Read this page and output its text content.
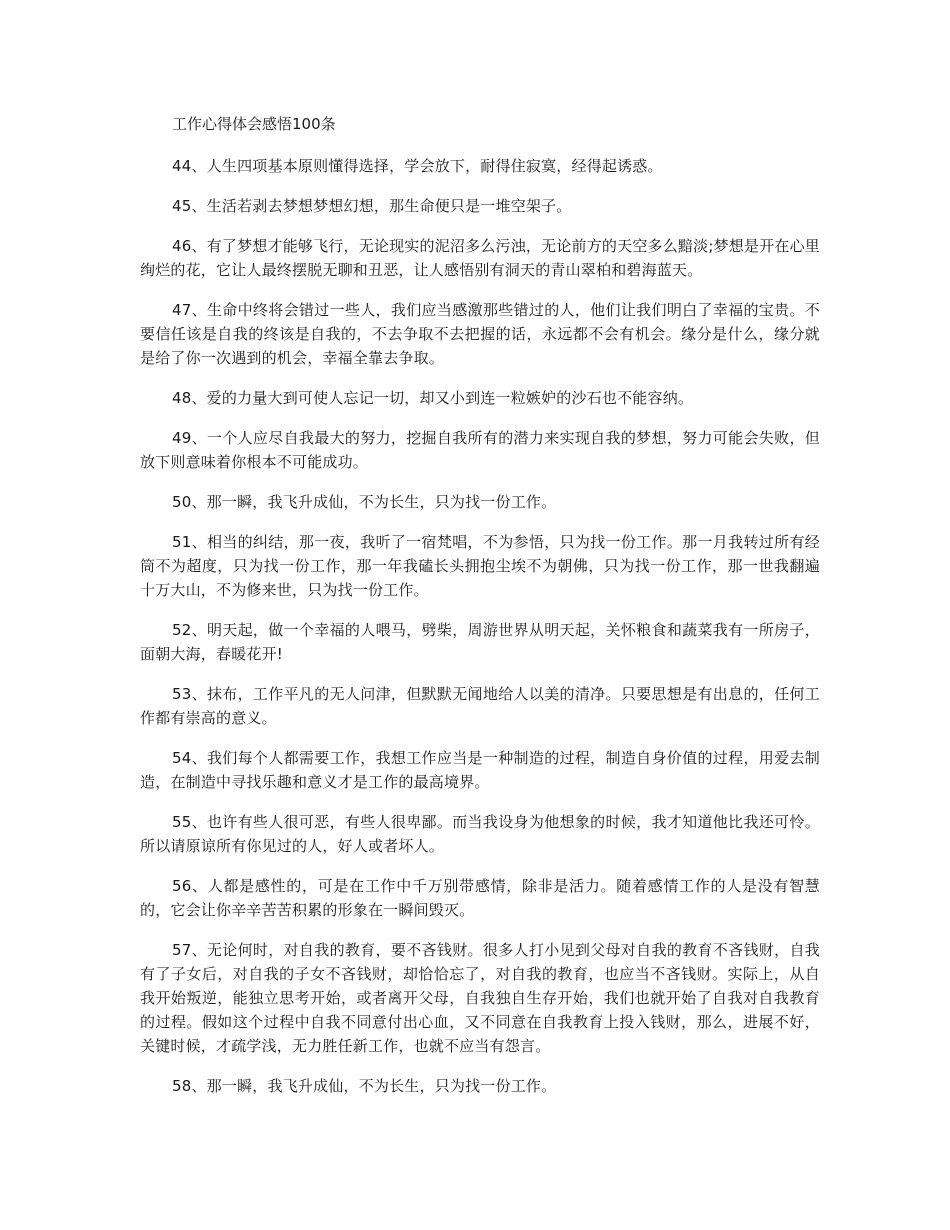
工作心得体会感悟100条

44、人生四项基本原则懂得选择，学会放下，耐得住寂寞，经得起诱惑。

45、生活若剥去梦想梦想幻想，那生命便只是一堆空架子。

46、有了梦想才能够飞行，无论现实的泥沼多么污浊，无论前方的天空多么黯淡;梦想是开在心里绚烂的花，它让人最终摆脱无聊和丑恶，让人感悟别有洞天的青山翠柏和碧海蓝天。

47、生命中终将会错过一些人，我们应当感激那些错过的人，他们让我们明白了幸福的宝贵。不要信任该是自我的终该是自我的，不去争取不去把握的话，永远都不会有机会。缘分是什么，缘分就是给了你一次遇到的机会，幸福全靠去争取。

48、爱的力量大到可使人忘记一切，却又小到连一粒嫉妒的沙石也不能容纳。

49、一个人应尽自我最大的努力，挖掘自我所有的潜力来实现自我的梦想，努力可能会失败，但放下则意味着你根本不可能成功。

50、那一瞬，我飞升成仙，不为长生，只为找一份工作。

51、相当的纠结，那一夜，我听了一宿梵唱，不为参悟，只为找一份工作。那一月我转过所有经筒不为超度，只为找一份工作，那一年我磕长头拥抱尘埃不为朝佛，只为找一份工作，那一世我翻遍十万大山，不为修来世，只为找一份工作。

52、明天起，做一个幸福的人喂马，劈柴，周游世界从明天起，关怀粮食和蔬菜我有一所房子，面朝大海，春暖花开!

53、抹布，工作平凡的无人问津，但默默无闻地给人以美的清净。只要思想是有出息的，任何工作都有崇高的意义。

54、我们每个人都需要工作，我想工作应当是一种制造的过程，制造自身价值的过程，用爱去制造，在制造中寻找乐趣和意义才是工作的最高境界。

55、也许有些人很可恶，有些人很卑鄙。而当我设身为他想象的时候，我才知道他比我还可怜。所以请原谅所有你见过的人，好人或者坏人。

56、人都是感性的，可是在工作中千万别带感情，除非是活力。随着感情工作的人是没有智慧的，它会让你辛辛苦苦积累的形象在一瞬间毁灭。

57、无论何时，对自我的教育，要不吝钱财。很多人打小见到父母对自我的教育不吝钱财，自我有了子女后，对自我的子女不吝钱财，却恰恰忘了，对自我的教育，也应当不吝钱财。实际上，从自我开始叛逆，能独立思考开始，或者离开父母，自我独自生存开始，我们也就开始了自我对自我教育的过程。假如这个过程中自我不同意付出心血，又不同意在自我教育上投入钱财，那么，进展不好，关键时候，才疏学浅，无力胜任新工作，也就不应当有怨言。

58、那一瞬，我飞升成仙，不为长生，只为找一份工作。
